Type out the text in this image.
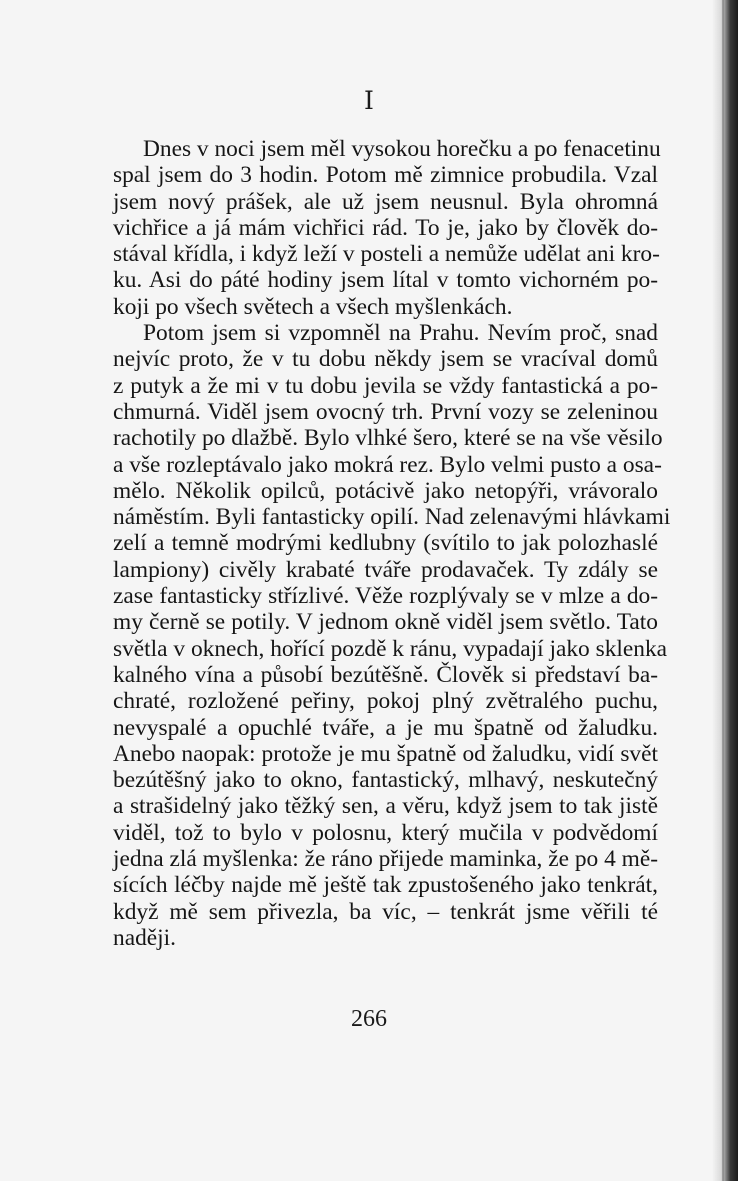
I
Dnes v noci jsem měl vysokou horečku a po fenacetinu
spal jsem do 3 hodin. Potom mě zimnice probudila. Vzal
jsem nový prášek, ale už jsem neusnul. Byla ohromná
vichřice a já mám vichřici rád. To je, jako by člověk do-
stával křídla, i když leží v posteli a nemůže udělat ani kro-
ku. Asi do páté hodiny jsem lítal v tomto vichorném po-
koji po všech světech a všech myšlenkách.
Potom jsem si vzpomněl na Prahu. Nevím proč, snad
nejvíc proto, že v tu dobu někdy jsem se vracíval domů
z putyk a že mi v tu dobu jevila se vždy fantastická a po-
chmurná. Viděl jsem ovocný trh. První vozy se zeleninou
rachotily po dlažbě. Bylo vlhké šero, které se na vše věsilo
a vše rozleptávalo jako mokrá rez. Bylo velmi pusto a osa-
mělo. Několik opilců, potácivě jako netopýři, vrávoralo
náměstím. Byli fantasticky opilí. Nad zelenavými hlávkami
zelí a temně modrými kedlubny (svítilo to jak polozhaslé
lampiony) civěly krabaté tváře prodavaček. Ty zdály se
zase fantasticky střízlivé. Věže rozplývaly se v mlze a do-
my černě se potily. V jednom okně viděl jsem světlo. Tato
světla v oknech, hořící pozdě k ránu, vypadají jako sklenka
kalného vína a působí bezútěšně. Člověk si představí ba-
chraté, rozložené peřiny, pokoj plný zvětralého puchu,
nevyspalé a opuchlé tváře, a je mu špatně od žaludku.
Anebo naopak: protože je mu špatně od žaludku, vidí svět
bezútěšný jako to okno, fantastický, mlhavý, neskutečný
a strašidelný jako těžký sen, a věru, když jsem to tak jistě
viděl, tož to bylo v polosnu, který mučila v podvědomí
jedna zlá myšlenka: že ráno přijede maminka, že po 4 mě-
sících léčby najde mě ještě tak zpustošeného jako tenkrát,
když mě sem přivezla, ba víc, – tenkrát jsme věřili té
naději.
266
